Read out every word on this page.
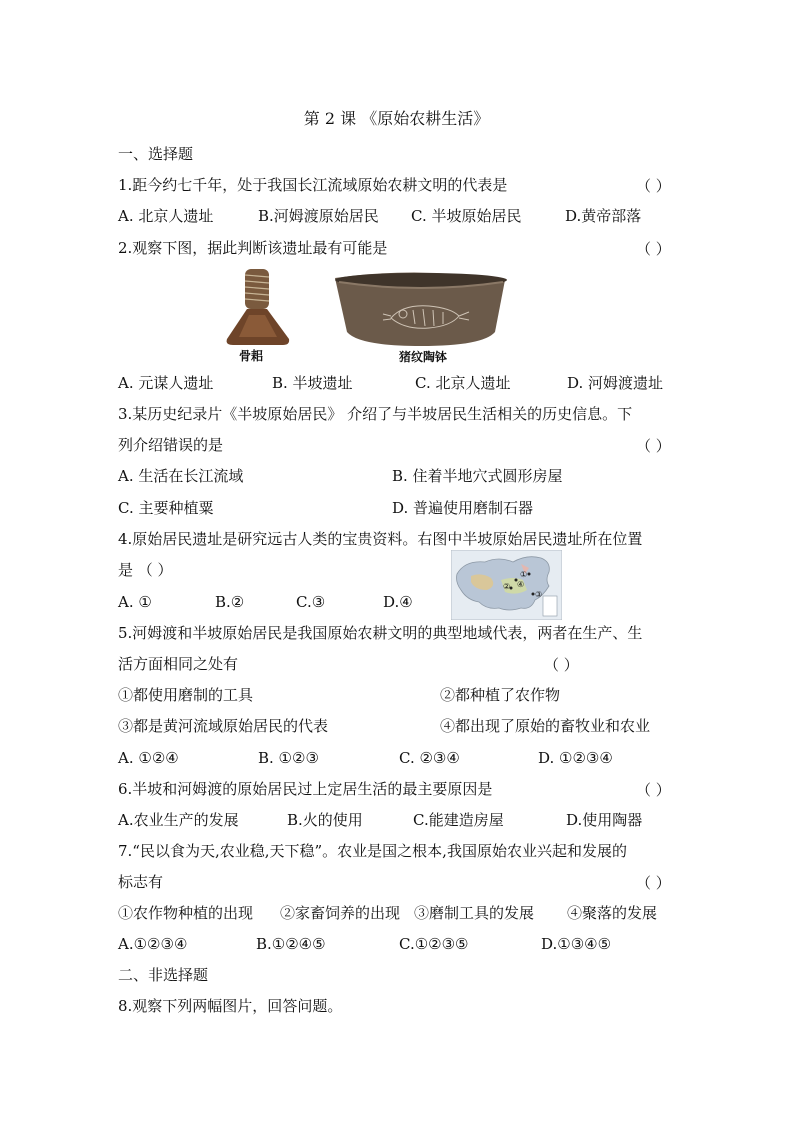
第 2 课 《原始农耕生活》
一、选择题
1.距今约七千年，处于我国长江流域原始农耕文明的代表是	（ ）
A. 北京人遗址	B.河姆渡原始居民 C. 半坡原始居民	D.黄帝部落
2.观察下图，据此判断该遗址最有可能是	（ ）
骨耜	猪纹陶钵
A. 元谋人遗址	B. 半坡遗址	C. 北京人遗址	D. 河姆渡遗址
3.某历史纪录片《半坡原始居民》 介绍了与半坡居民生活相关的历史信息。下
列介绍错误的是	（ ）
A. 生活在长江流域	B. 住着半地穴式圆形房屋
C. 主要种植粟	D. 普遍使用磨制石器
4.原始居民遗址是研究远古人类的宝贵资料。右图中半坡原始居民遗址所在位置
是 （ ）
A. ①	B.②	C.③	D.④
①
②
③
④
5.河姆渡和半坡原始居民是我国原始农耕文明的典型地域代表，两者在生产、生
活方面相同之处有	（ ）
①都使用磨制的工具	②都种植了农作物
③都是黄河流域原始居民的代表	④都出现了原始的畜牧业和农业
A. ①②④	B. ①②③	C. ②③④	D. ①②③④
6.半坡和河姆渡的原始居民过上定居生活的最主要原因是	（ ）
A.农业生产的发展	B.火的使用	C.能建造房屋	D.使用陶器
7.“民以食为天,农业稳,天下稳”。农业是国之根本,我国原始农业兴起和发展的
标志有	（ ）
①农作物种植的出现 ②家畜饲养的出现 ③磨制工具的发展 ④聚落的发展
A.①②③④	B.①②④⑤	C.①②③⑤	D.①③④⑤
二、非选择题
8.观察下列两幅图片，回答问题。
